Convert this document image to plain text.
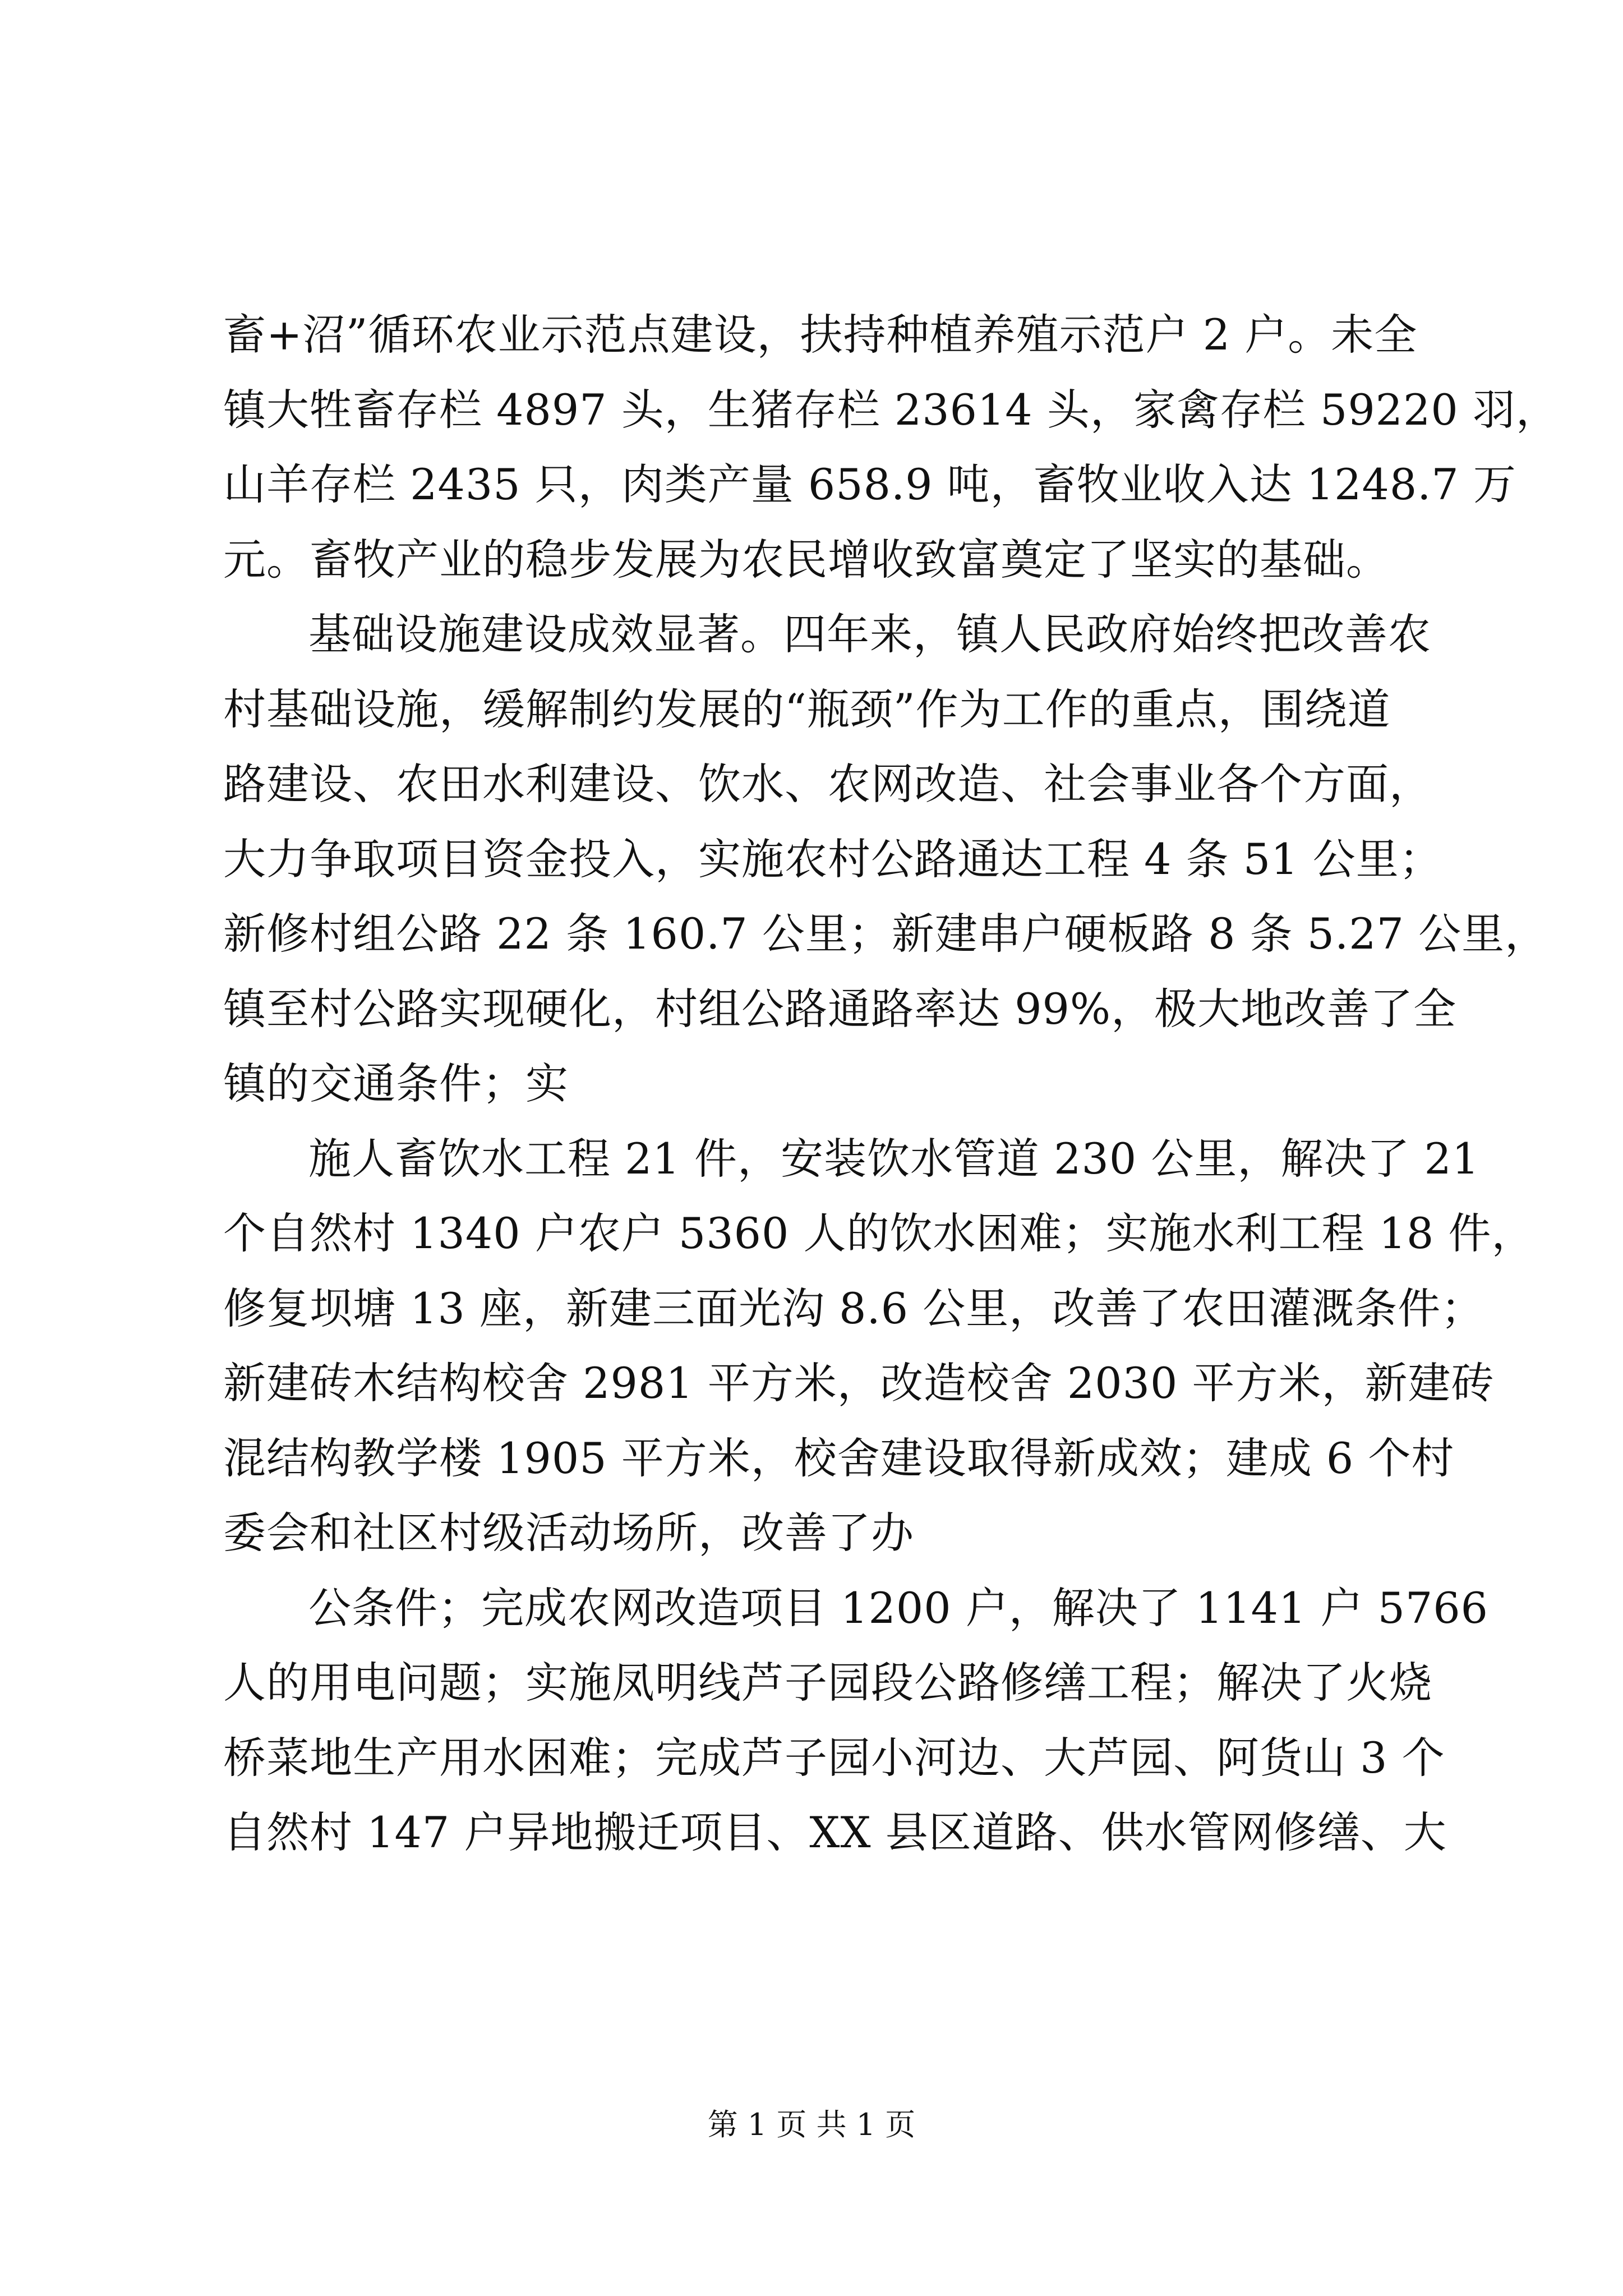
畜+沼”循环农业示范点建设，扶持种植养殖示范户 2 户。未全
镇大牲畜存栏 4897 头，生猪存栏 23614 头，家禽存栏 59220 羽，
山羊存栏 2435 只，肉类产量 658.9 吨，畜牧业收入达 1248.7 万
元。畜牧产业的稳步发展为农民增收致富奠定了坚实的基础。
基础设施建设成效显著。四年来，镇人民政府始终把改善农
村基础设施，缓解制约发展的“瓶颈”作为工作的重点，围绕道
路建设、农田水利建设、饮水、农网改造、社会事业各个方面，
大力争取项目资金投入，实施农村公路通达工程 4 条 51 公里；
新修村组公路 22 条 160.7 公里；新建串户硬板路 8 条 5.27 公里，
镇至村公路实现硬化，村组公路通路率达 99%，极大地改善了全
镇的交通条件；实
施人畜饮水工程 21 件，安装饮水管道 230 公里，解决了 21
个自然村 1340 户农户 5360 人的饮水困难；实施水利工程 18 件，
修复坝塘 13 座，新建三面光沟 8.6 公里，改善了农田灌溉条件；
新建砖木结构校舍 2981 平方米，改造校舍 2030 平方米，新建砖
混结构教学楼 1905 平方米，校舍建设取得新成效；建成 6 个村
委会和社区村级活动场所，改善了办
公条件；完成农网改造项目 1200 户，解决了 1141 户 5766
人的用电问题；实施凤明线芦子园段公路修缮工程；解决了火烧
桥菜地生产用水困难；完成芦子园小河边、大芦园、阿货山 3 个
自然村 147 户异地搬迁项目、XX 县区道路、供水管网修缮、大
第 1 页 共 1 页
